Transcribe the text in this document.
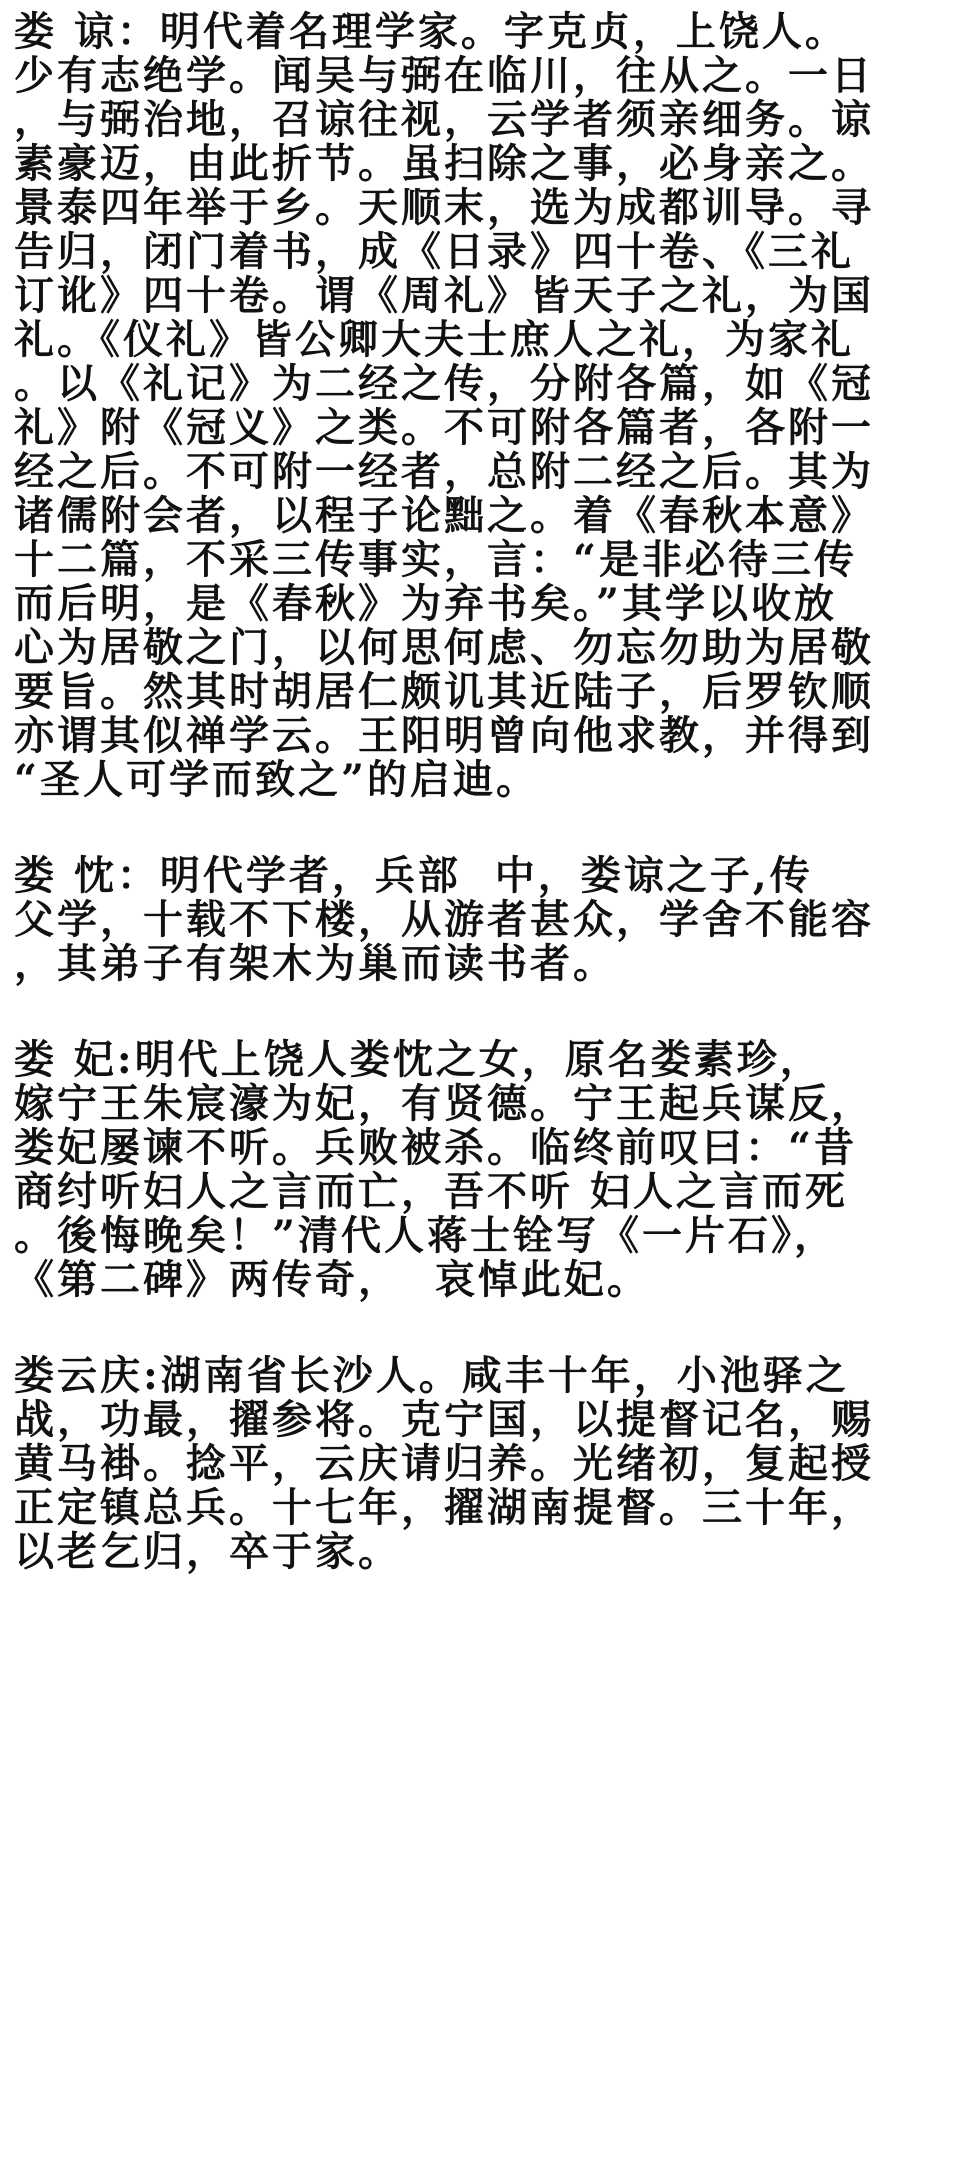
娄 谅：明代着名理学家。字克贞，上饶人。
少有志绝学。闻吴与弼在临川，往从之。一日
，与弼治地，召谅往视，云学者须亲细务。谅
素豪迈，由此折节。虽扫除之事，必身亲之。
景泰四年举于乡。天顺末，选为成都训导。寻
告归，闭门着书，成《日录》四十卷、《三礼
订讹》四十卷。谓《周礼》皆天子之礼，为国
礼。《仪礼》皆公卿大夫士庶人之礼，为家礼
。以《礼记》为二经之传，分附各篇，如《冠
礼》附《冠义》之类。不可附各篇者，各附一
经之后。不可附一经者，总附二经之后。其为
诸儒附会者，以程子论黜之。着《春秋本意》
十二篇，不采三传事实，言：“是非必待三传
而后明，是《春秋》为弃书矣。”其学以收放
心为居敬之门，以何思何虑、勿忘勿助为居敬
要旨。然其时胡居仁颇讥其近陆子，后罗钦顺
亦谓其似禅学云。王阳明曾向他求教，并得到
“圣人可学而致之”的启迪。
娄 忱：明代学者，兵部  中，娄谅之子,传
父学，十载不下楼，从游者甚众，学舍不能容
，其弟子有架木为巢而读书者。
娄 妃:明代上饶人娄忱之女，原名娄素珍，
嫁宁王朱宸濠为妃，有贤德。宁王起兵谋反，
娄妃屡谏不听。兵败被杀。临终前叹曰：“昔
商纣听妇人之言而亡，吾不听 妇人之言而死
。後悔晚矣！”清代人蒋士铨写《一片石》，
《第二碑》两传奇，  哀悼此妃。
娄云庆:湖南省长沙人。咸丰十年，小池驿之
战，功最，擢参将。克宁国，以提督记名，赐
黄马褂。捻平，云庆请归养。光绪初，复起授
正定镇总兵。十七年，擢湖南提督。三十年，
以老乞归，卒于家。
